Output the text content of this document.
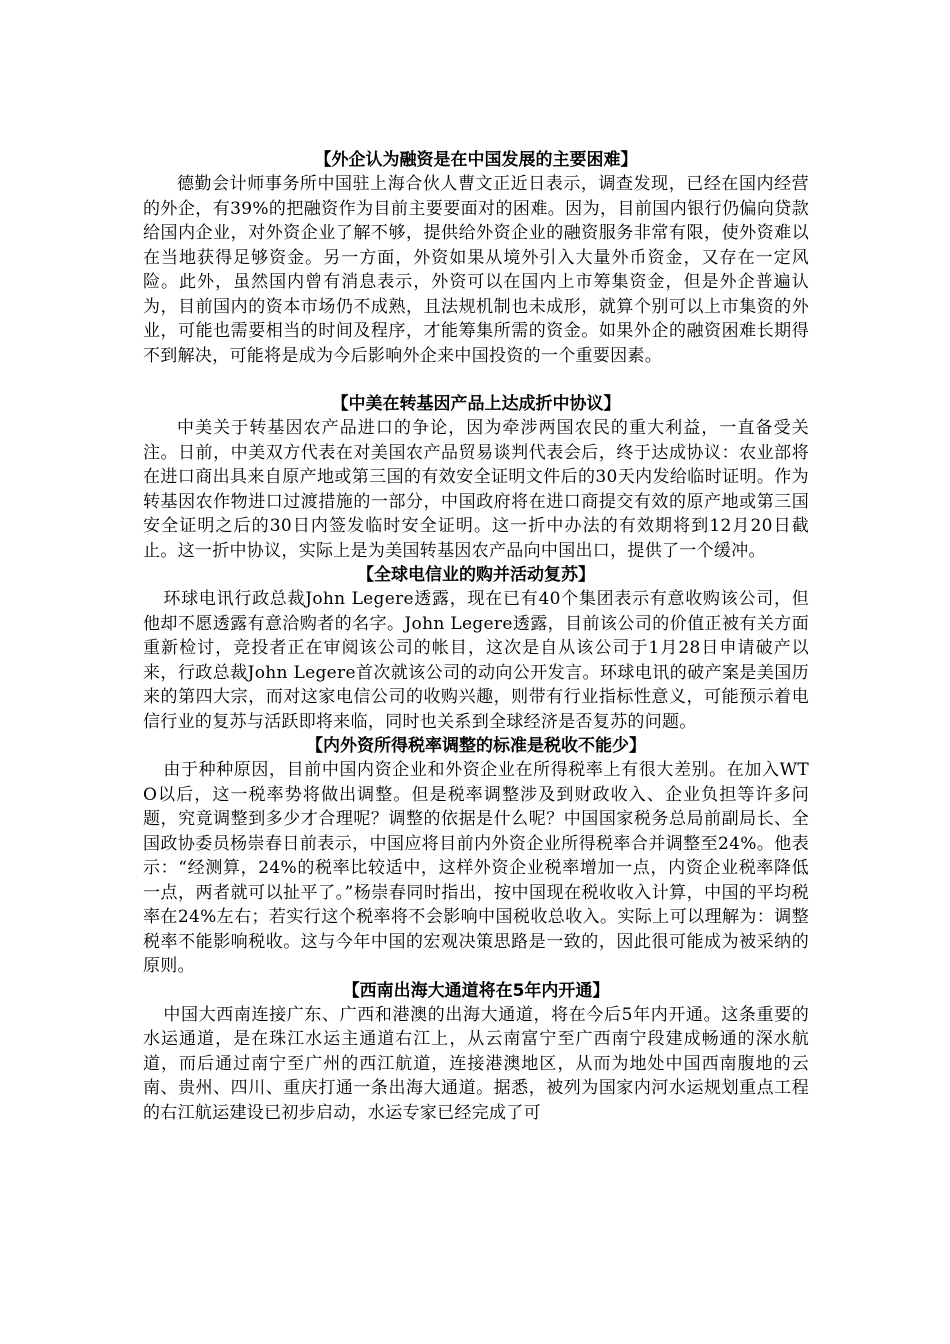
【外企认为融资是在中国发展的主要困难】

德勤会计师事务所中国驻上海合伙人曹文正近日表示，调查发现，已经在国内经营的外企，有39%的把融资作为目前主要要面对的困难。因为，目前国内银行仍偏向贷款给国内企业，对外资企业了解不够，提供给外资企业的融资服务非常有限，使外资难以在当地获得足够资金。另一方面，外资如果从境外引入大量外币资金，又存在一定风险。此外，虽然国内曾有消息表示，外资可以在国内上市筹集资金，但是外企普遍认为，目前国内的资本市场仍不成熟，且法规机制也未成形，就算个别可以上市集资的外业，可能也需要相当的时间及程序，才能筹集所需的资金。如果外企的融资困难长期得不到解决，可能将是成为今后影响外企来中国投资的一个重要因素。

【中美在转基因产品上达成折中协议】

中美关于转基因农产品进口的争论，因为牵涉两国农民的重大利益，一直备受关注。日前，中美双方代表在对美国农产品贸易谈判代表会后，终于达成协议：农业部将在进口商出具来自原产地或第三国的有效安全证明文件后的30天内发给临时证明。作为转基因农作物进口过渡措施的一部分，中国政府将在进口商提交有效的原产地或第三国安全证明之后的30日内签发临时安全证明。这一折中办法的有效期将到12月20日截止。这一折中协议，实际上是为美国转基因农产品向中国出口，提供了一个缓冲。

【全球电信业的购并活动复苏】

环球电讯行政总裁John Legere透露，现在已有40个集团表示有意收购该公司，但他却不愿透露有意洽购者的名字。John Legere透露，目前该公司的价值正被有关方面重新检讨，竞投者正在审阅该公司的帐目，这次是自从该公司于1月28日申请破产以来，行政总裁John Legere首次就该公司的动向公开发言。环球电讯的破产案是美国历来的第四大宗，而对这家电信公司的收购兴趣，则带有行业指标性意义，可能预示着电信行业的复苏与活跃即将来临，同时也关系到全球经济是否复苏的问题。

【内外资所得税率调整的标准是税收不能少】

由于种种原因，目前中国内资企业和外资企业在所得税率上有很大差别。在加入WTO以后，这一税率势将做出调整。但是税率调整涉及到财政收入、企业负担等许多问题，究竟调整到多少才合理呢？调整的依据是什么呢？中国国家税务总局前副局长、全国政协委员杨崇春日前表示，中国应将目前内外资企业所得税率合并调整至24%。他表示：“经测算，24%的税率比较适中，这样外资企业税率增加一点，内资企业税率降低一点，两者就可以扯平了。”杨崇春同时指出，按中国现在税收收入计算，中国的平均税率在24%左右；若实行这个税率将不会影响中国税收总收入。实际上可以理解为：调整税率不能影响税收。这与今年中国的宏观决策思路是一致的，因此很可能成为被采纳的原则。

【西南出海大通道将在5年内开通】

中国大西南连接广东、广西和港澳的出海大通道，将在今后5年内开通。这条重要的水运通道，是在珠江水运主通道右江上，从云南富宁至广西南宁段建成畅通的深水航道，而后通过南宁至广州的西江航道，连接港澳地区，从而为地处中国西南腹地的云南、贵州、四川、重庆打通一条出海大通道。据悉，被列为国家内河水运规划重点工程的右江航运建设已初步启动，水运专家已经完成了可
